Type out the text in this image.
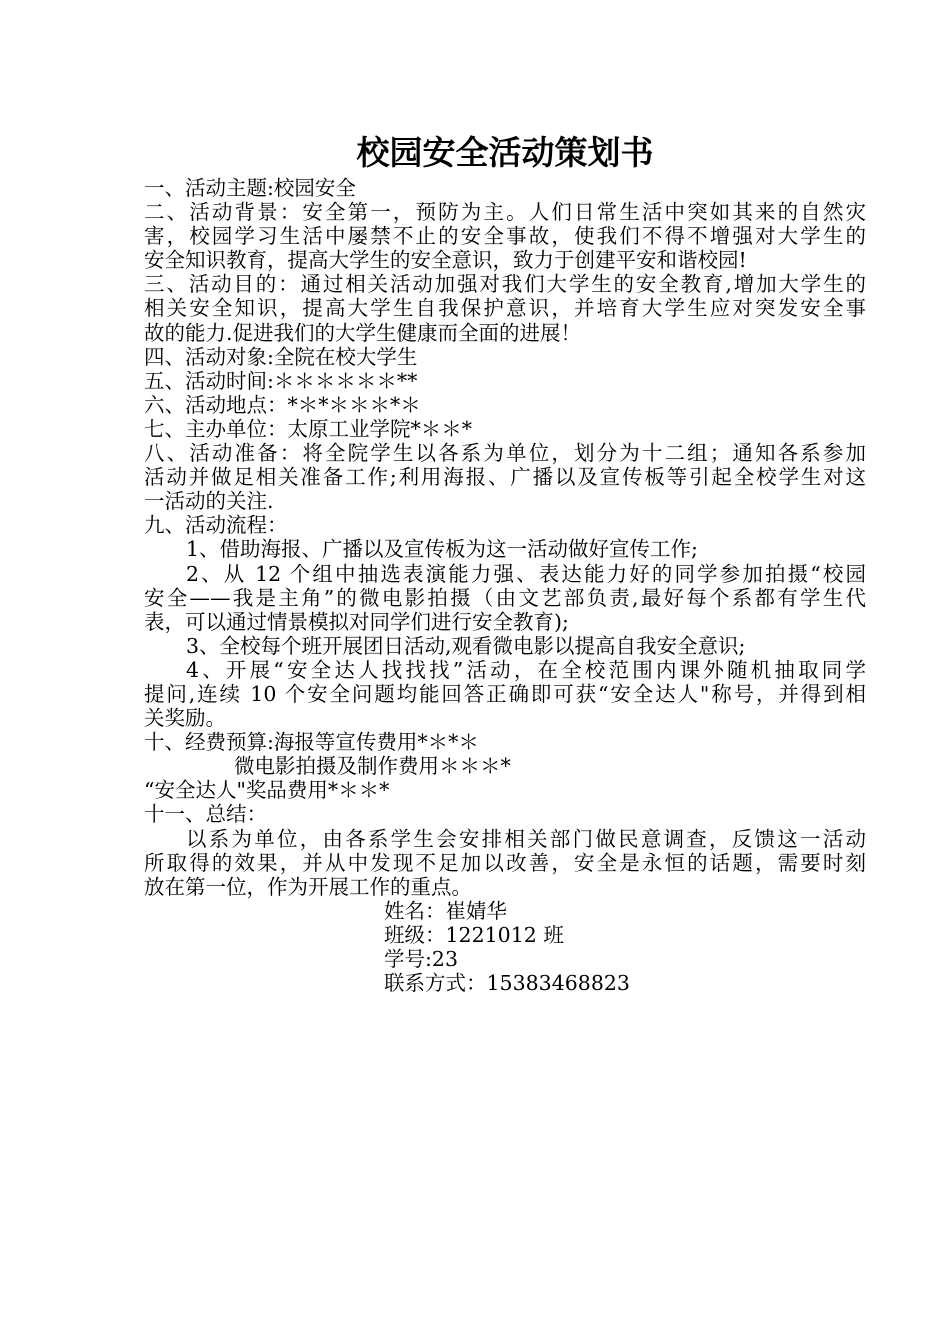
校园安全活动策划书
一、活动主题:校园安全
二、活动背景：安全第一，预防为主。人们日常生活中突如其来的自然灾
害，校园学习生活中屡禁不止的安全事故，使我们不得不增强对大学生的
安全知识教育，提高大学生的安全意识，致力于创建平安和谐校园!
三、活动目的：通过相关活动加强对我们大学生的安全教育,增加大学生的
相关安全知识，提高大学生自我保护意识，并培育大学生应对突发安全事
故的能力.促进我们的大学生健康而全面的进展！
四、活动对象:全院在校大学生
五、活动时间:＊＊＊＊＊＊**
六、活动地点：*＊*＊＊＊*＊
七、主办单位：太原工业学院*＊＊*
八、活动准备：将全院学生以各系为单位，划分为十二组；通知各系参加
活动并做足相关准备工作;利用海报、广播以及宣传板等引起全校学生对这
一活动的关注.
九、活动流程：
1、借助海报、广播以及宣传板为这一活动做好宣传工作;
2、从 12 个组中抽选表演能力强、表达能力好的同学参加拍摄“校园
安全——我是主角”的微电影拍摄（由文艺部负责,最好每个系都有学生代
表，可以通过情景模拟对同学们进行安全教育);
3、全校每个班开展团日活动,观看微电影以提高自我安全意识;
4、开展“安全达人找找找”活动，在全校范围内课外随机抽取同学
提问,连续 10 个安全问题均能回答正确即可获“安全达人"称号，并得到相
关奖励。
十、经费预算:海报等宣传费用*＊*＊
微电影拍摄及制作费用＊＊＊*
“安全达人"奖品费用*＊＊*
十一、总结：
以系为单位，由各系学生会安排相关部门做民意调查，反馈这一活动
所取得的效果，并从中发现不足加以改善，安全是永恒的话题，需要时刻
放在第一位，作为开展工作的重点。
姓名：崔婧华
班级：1221012 班
学号:23
联系方式：15383468823
